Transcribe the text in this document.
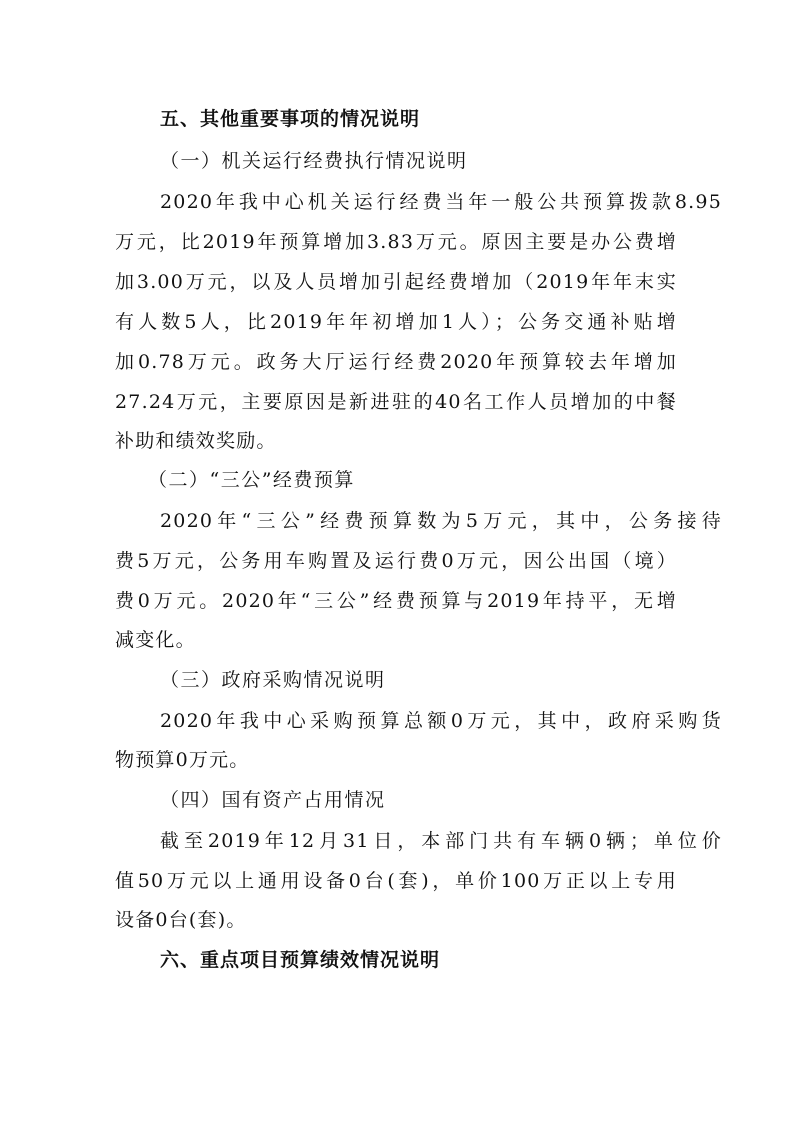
五、其他重要事项的情况说明
（一）机关运行经费执行情况说明
2020年我中心机关运行经费当年一般公共预算拨款8.95
万元，比2019年预算增加3.83万元。原因主要是办公费增
加3.00万元，以及人员增加引起经费增加（2019年年末实
有人数5人，比2019年年初增加1人）；公务交通补贴增
加0.78万元。政务大厅运行经费2020年预算较去年增加
27.24万元，主要原因是新进驻的40名工作人员增加的中餐
补助和绩效奖励。
（二）“三公”经费预算
2020年“三公”经费预算数为5万元，其中，公务接待
费5万元，公务用车购置及运行费0万元，因公出国（境）
费0万元。2020年“三公”经费预算与2019年持平，无增
减变化。
（三）政府采购情况说明
2020年我中心采购预算总额0万元，其中，政府采购货
物预算0万元。
（四）国有资产占用情况
截至2019年12月31日，本部门共有车辆0辆；单位价
值50万元以上通用设备0台(套)，单价100万正以上专用
设备0台(套)。
六、重点项目预算绩效情况说明
